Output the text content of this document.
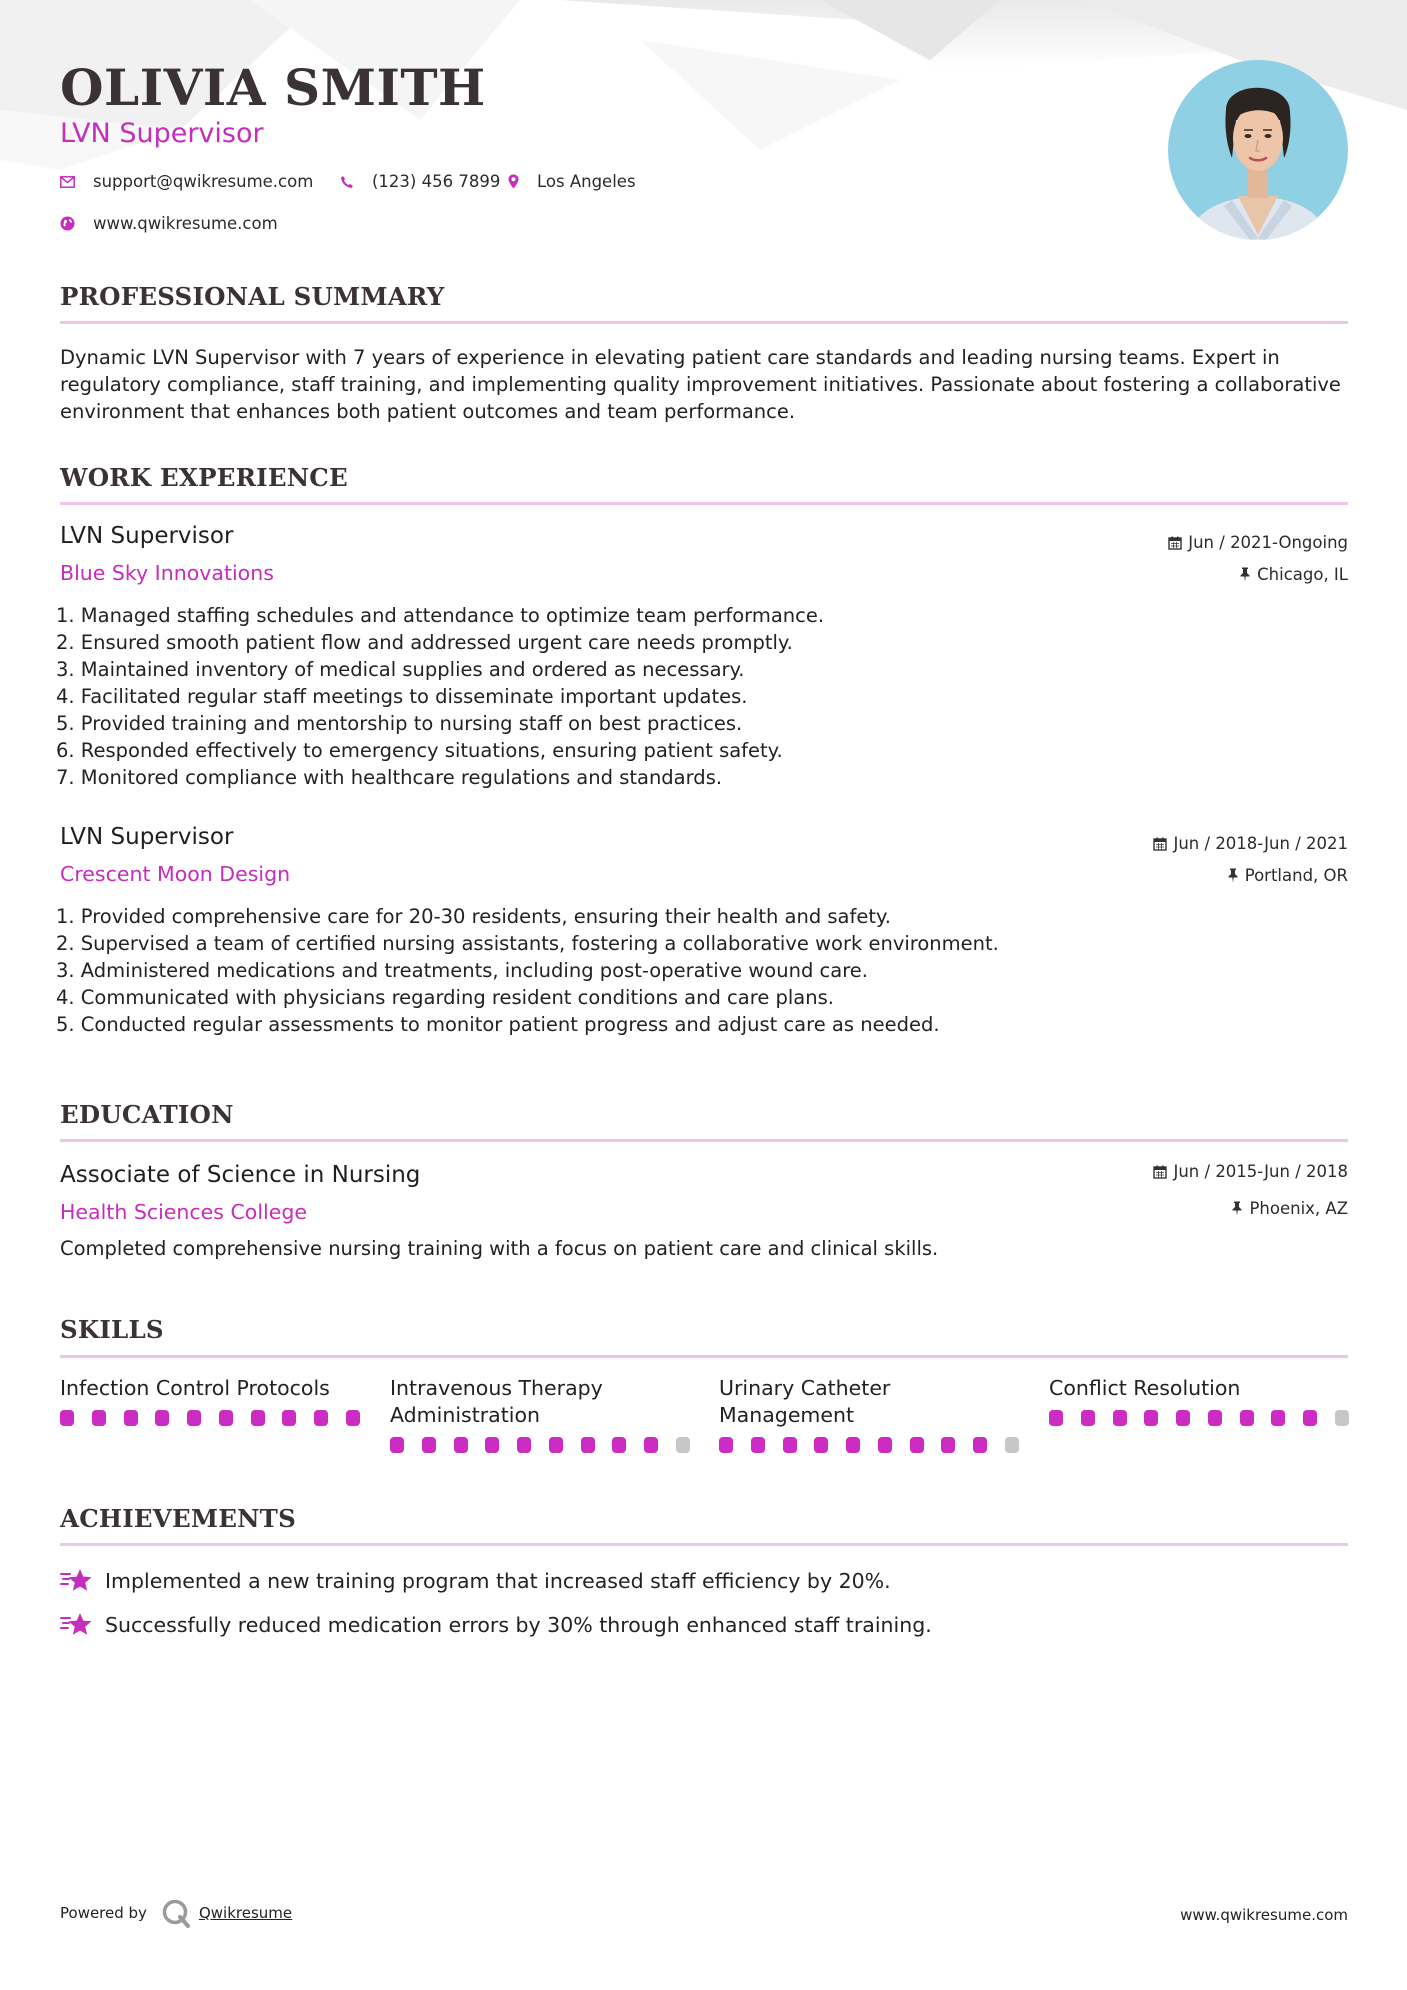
OLIVIA SMITH
LVN Supervisor
support@qwikresume.com	(123) 456 7899 Los Angeles
www.qwikresume.com
PROFESSIONAL SUMMARY

Dynamic LVN Supervisor with 7 years of experience in elevating patient care standards and leading nursing teams. Expert in regulatory compliance, staff training, and implementing quality improvement initiatives. Passionate about fostering a collaborative environment that enhances both patient outcomes and team performance.

WORK EXPERIENCE
LVN Supervisor
Blue Sky Innovations
Jun / 2021-Ongoing
Chicago, IL
1. Managed staffing schedules and attendance to optimize team performance.
2. Ensured smooth patient flow and addressed urgent care needs promptly.
3. Maintained inventory of medical supplies and ordered as necessary.
4. Facilitated regular staff meetings to disseminate important updates.
5. Provided training and mentorship to nursing staff on best practices.
6. Responded effectively to emergency situations, ensuring patient safety.
7. Monitored compliance with healthcare regulations and standards.
LVN Supervisor
Crescent Moon Design
Jun / 2018-Jun / 2021
Portland, OR
1. Provided comprehensive care for 20-30 residents, ensuring their health and safety.
2. Supervised a team of certified nursing assistants, fostering a collaborative work environment.
3. Administered medications and treatments, including post-operative wound care.
4. Communicated with physicians regarding resident conditions and care plans.
5. Conducted regular assessments to monitor patient progress and adjust care as needed.
EDUCATION
Associate of Science in Nursing
Health Sciences College
Jun / 2015-Jun / 2018
Phoenix, AZ

Completed comprehensive nursing training with a focus on patient care and clinical skills.

SKILLS
Infection Control Protocols	Intravenous Therapy Administration
Urinary Catheter Management
Conflict Resolution
ACHIEVEMENTS
Implemented a new training program that increased staff efficiency by 20%.
Successfully reduced medication errors by 30% through enhanced staff training.
Powered by	Qwikresume	www.qwikresume.com
